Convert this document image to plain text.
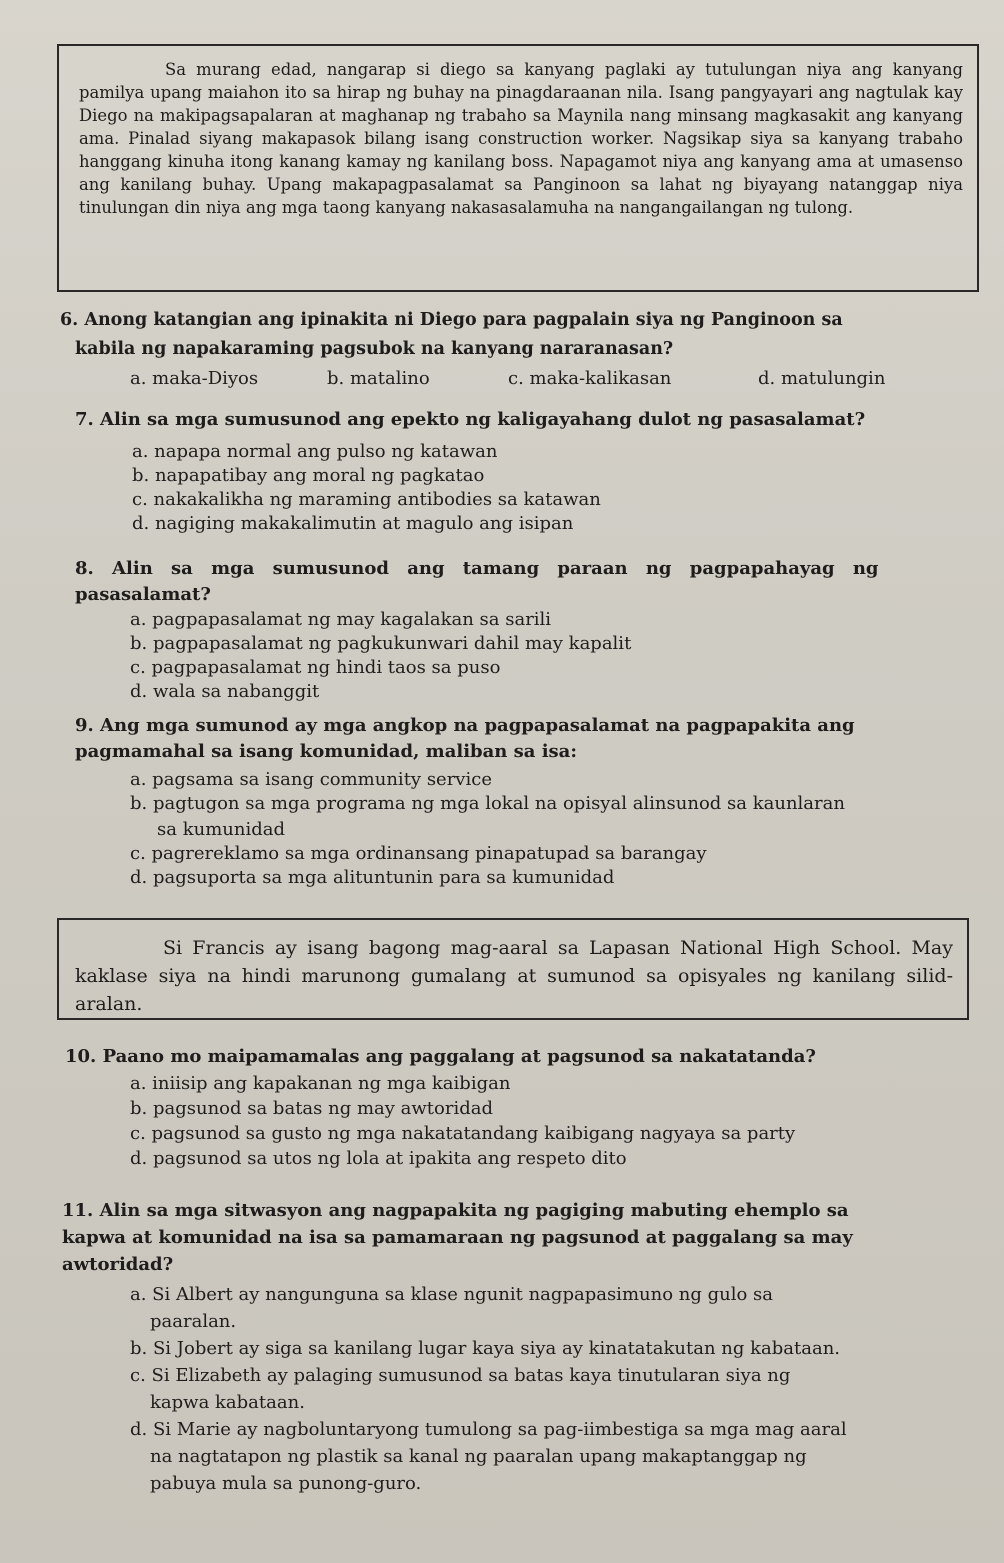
Sa murang edad, nangarap si diego sa kanyang paglaki ay tutulungan niya ang kanyang pamilya upang maiahon ito sa hirap ng buhay na pinagdaraanan nila. Isang pangyayari ang nagtulak kay Diego na makipagsapalaran at maghanap ng trabaho sa Maynila nang minsang magkasakit ang kanyang ama. Pinalad siyang makapasok bilang isang construction worker. Nagsikap siya sa kanyang trabaho hanggang kinuha itong kanang kamay ng kanilang boss. Napagamot niya ang kanyang ama at umasenso ang kanilang buhay. Upang makapagpasalamat sa Panginoon sa lahat ng biyayang natanggap niya tinulungan din niya ang mga taong kanyang nakasasalamuha na nangangailangan ng tulong.

6. Anong katangian ang ipinakita ni Diego para pagpalain siya ng Panginoon sa
kabila ng napakaraming pagsubok na kanyang nararanasan?
a. maka-Diyos	b. matalino	c. maka-kalikasan	d. matulungin
7. Alin sa mga sumusunod ang epekto ng kaligayahang dulot ng pasasalamat?
a. napapa normal ang pulso ng katawan
b. napapatibay ang moral ng pagkatao
c. nakakalikha ng maraming antibodies sa katawan
d. nagiging makakalimutin at magulo ang isipan
8. Alin sa mga sumusunod ang tamang paraan ng pagpapahayag ng
pasasalamat?
a. pagpapasalamat ng may kagalakan sa sarili
b. pagpapasalamat ng pagkukunwari dahil may kapalit
c. pagpapasalamat ng hindi taos sa puso
d. wala sa nabanggit
9. Ang mga sumunod ay mga angkop na pagpapasalamat na pagpapakita ang
pagmamahal sa isang komunidad, maliban sa isa:
a. pagsama sa isang community service
b. pagtugon sa mga programa ng mga lokal na opisyal alinsunod sa kaunlaran
sa kumunidad
c. pagrereklamo sa mga ordinansang pinapatupad sa barangay
d. pagsuporta sa mga alituntunin para sa kumunidad

Si Francis ay isang bagong mag-aaral sa Lapasan National High School. May kaklase siya na hindi marunong gumalang at sumunod sa opisyales ng kanilang silid-aralan.

10. Paano mo maipamamalas ang paggalang at pagsunod sa nakatatanda?
a. iniisip ang kapakanan ng mga kaibigan
b. pagsunod sa batas ng may awtoridad
c. pagsunod sa gusto ng mga nakatatandang kaibigang nagyaya sa party
d. pagsunod sa utos ng lola at ipakita ang respeto dito
11. Alin sa mga sitwasyon ang nagpapakita ng pagiging mabuting ehemplo sa
kapwa at komunidad na isa sa pamamaraan ng pagsunod at paggalang sa may
awtoridad?
a. Si Albert ay nangunguna sa klase ngunit nagpapasimuno ng gulo sa
paaralan.
b. Si Jobert ay siga sa kanilang lugar kaya siya ay kinatatakutan ng kabataan.
c. Si Elizabeth ay palaging sumusunod sa batas kaya tinutularan siya ng
kapwa kabataan.
d. Si Marie ay nagboluntaryong tumulong sa pag-iimbestiga sa mga mag aaral
na nagtatapon ng plastik sa kanal ng paaralan upang makaptanggap ng
pabuya mula sa punong-guro.
